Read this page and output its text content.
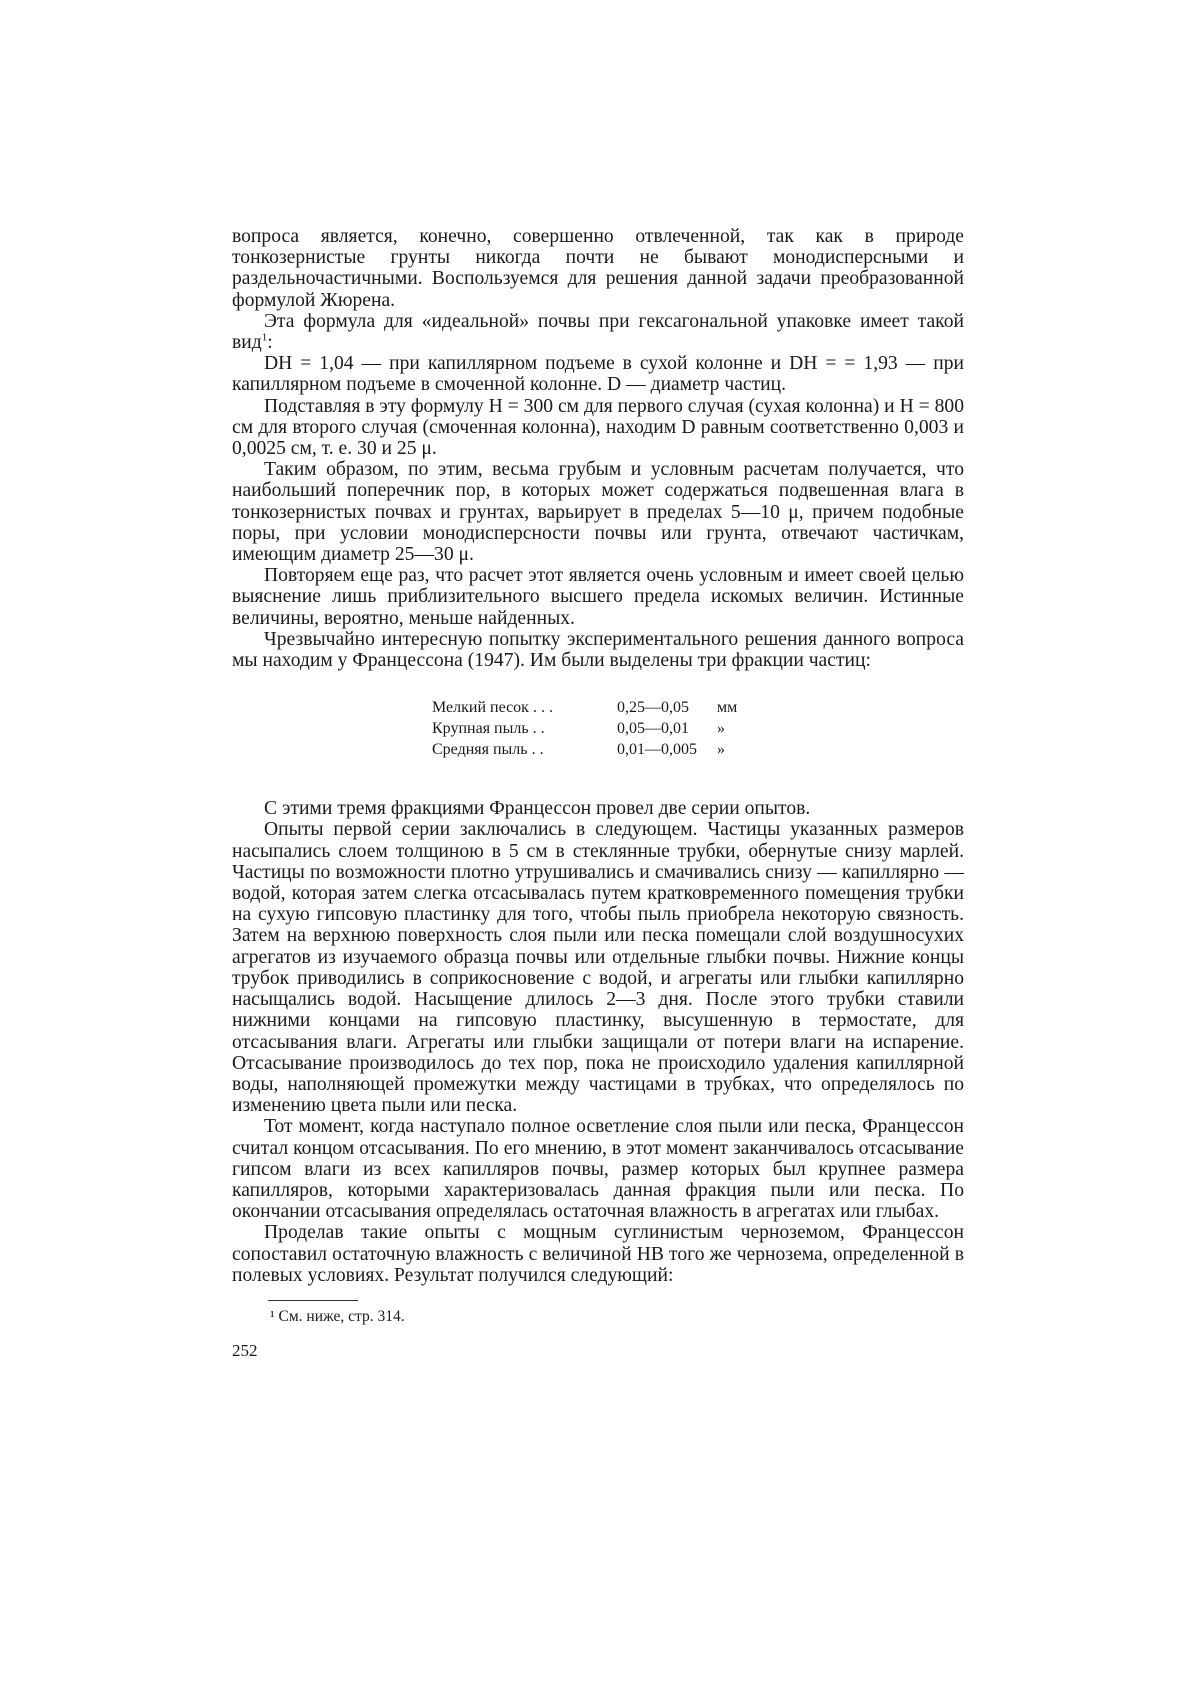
вопроса является, конечно, совершенно отвлеченной, так как в природе тонкозернистые грунты никогда почти не бывают монодисперсными и раздельночастичными. Воспользуемся для решения данной задачи преобразованной формулой Жюрена.

Эта формула для «идеальной» почвы при гексагональной упаковке имеет такой вид$^1$:

DH = 1,04 — при капиллярном подъеме в сухой колонне и DH = = 1,93 — при капиллярном подъеме в смоченной колонне. D — диаметр частиц.

Подставляя в эту формулу H = 300 см для первого случая (сухая колонна) и H = 800 см для второго случая (смоченная колонна), находим D равным соответственно 0,003 и 0,0025 см, т. е. 30 и 25 μ.

Таким образом, по этим, весьма грубым и условным расчетам получается, что наибольший поперечник пор, в которых может содержаться подвешенная влага в тонкозернистых почвах и грунтах, варьирует в пределах 5—10 μ, причем подобные поры, при условии монодисперсности почвы или грунта, отвечают частичкам, имеющим диаметр 25—30 μ.

Повторяем еще раз, что расчет этот является очень условным и имеет своей целью выяснение лишь приблизительного высшего предела искомых величин. Истинные величины, вероятно, меньше найденных.

Чрезвычайно интересную попытку экспериментального решения данного вопроса мы находим у Францессона (1947). Им были выделены три фракции частиц:

Мелкий песок . . .	0,25—0,05	мм
Крупная пыль . .	0,05—0,01	»
Средняя пыль . .	0,01—0,005	»

С этими тремя фракциями Францессон провел две серии опытов.

Опыты первой серии заключались в следующем. Частицы указанных размеров насыпались слоем толщиною в 5 см в стеклянные трубки, обернутые снизу марлей. Частицы по возможности плотно утрушивались и смачивались снизу — капиллярно — водой, которая затем слегка отсасывалась путем кратковременного помещения трубки на сухую гипсовую пластинку для того, чтобы пыль приобрела некоторую связность. Затем на верхнюю поверхность слоя пыли или песка помещали слой воздушносухих агрегатов из изучаемого образца почвы или отдельные глыбки почвы. Нижние концы трубок приводились в соприкосновение с водой, и агрегаты или глыбки капиллярно насыщались водой. Насыщение длилось 2—3 дня. После этого трубки ставили нижними концами на гипсовую пластинку, высушенную в термостате, для отсасывания влаги. Агрегаты или глыбки защищали от потери влаги на испарение. Отсасывание производилось до тех пор, пока не происходило удаления капиллярной воды, наполняющей промежутки между частицами в трубках, что определялось по изменению цвета пыли или песка.

Тот момент, когда наступало полное осветление слоя пыли или песка, Францессон считал концом отсасывания. По его мнению, в этот момент заканчивалось отсасывание гипсом влаги из всех капилляров почвы, размер которых был крупнее размера капилляров, которыми характеризовалась данная фракция пыли или песка. По окончании отсасывания определялась остаточная влажность в агрегатах или глыбах.

Проделав такие опыты с мощным суглинистым черноземом, Францессон сопоставил остаточную влажность с величиной НВ того же чернозема, определенной в полевых условиях. Результат получился следующий:

¹ См. ниже, стр. 314.
252
